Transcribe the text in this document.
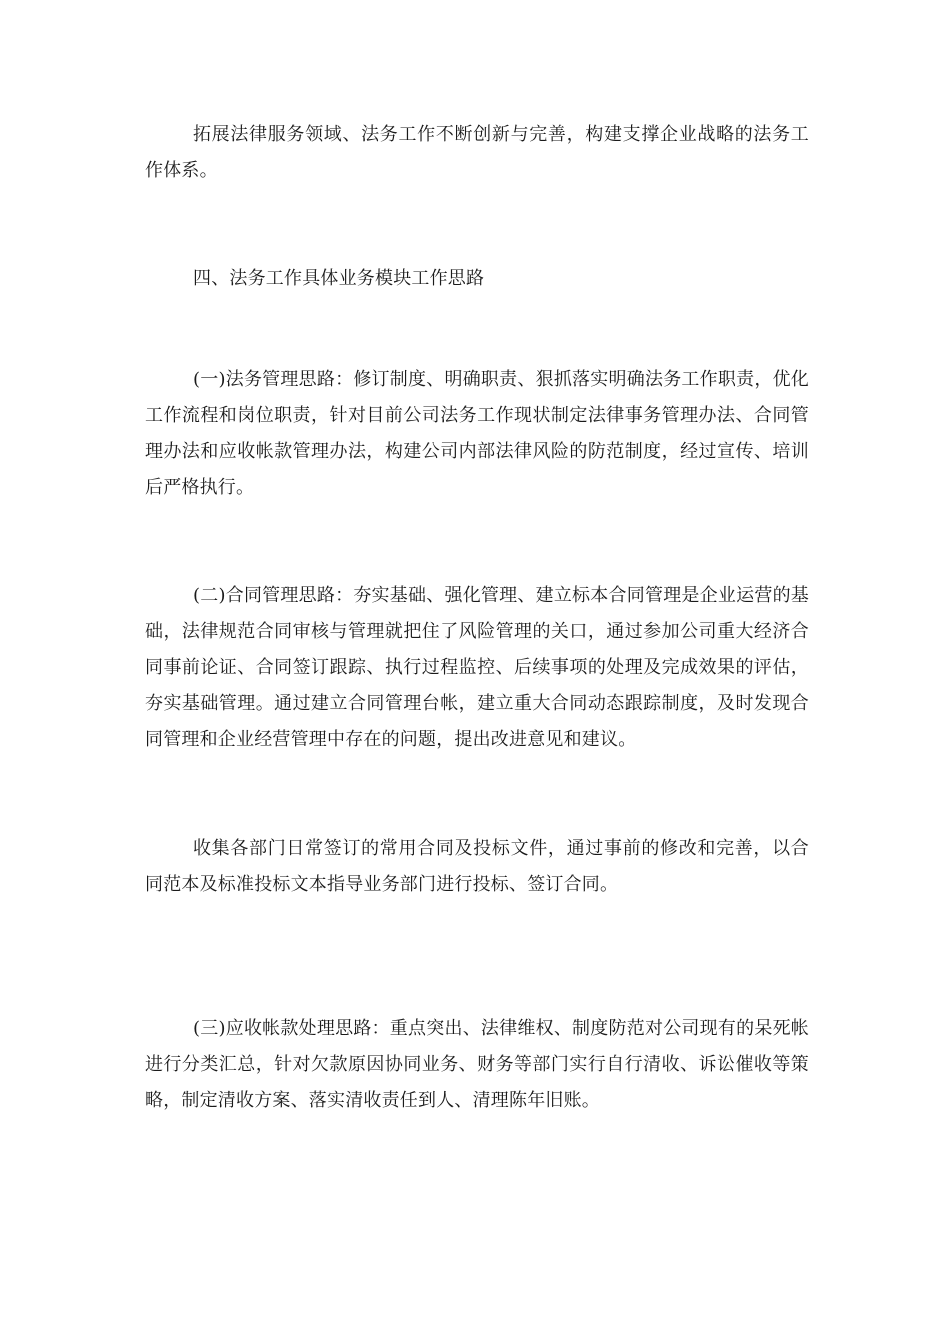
拓展法律服务领域、法务工作不断创新与完善，构建支撑企业战略的法务工作体系。

四、法务工作具体业务模块工作思路

(一)法务管理思路：修订制度、明确职责、狠抓落实明确法务工作职责，优化工作流程和岗位职责，针对目前公司法务工作现状制定法律事务管理办法、合同管理办法和应收帐款管理办法，构建公司内部法律风险的防范制度，经过宣传、培训后严格执行。

(二)合同管理思路：夯实基础、强化管理、建立标本合同管理是企业运营的基础，法律规范合同审核与管理就把住了风险管理的关口，通过参加公司重大经济合同事前论证、合同签订跟踪、执行过程监控、后续事项的处理及完成效果的评估，夯实基础管理。通过建立合同管理台帐，建立重大合同动态跟踪制度，及时发现合同管理和企业经营管理中存在的问题，提出改进意见和建议。

收集各部门日常签订的常用合同及投标文件，通过事前的修改和完善，以合同范本及标准投标文本指导业务部门进行投标、签订合同。

(三)应收帐款处理思路：重点突出、法律维权、制度防范对公司现有的呆死帐进行分类汇总，针对欠款原因协同业务、财务等部门实行自行清收、诉讼催收等策略，制定清收方案、落实清收责任到人、清理陈年旧账。
